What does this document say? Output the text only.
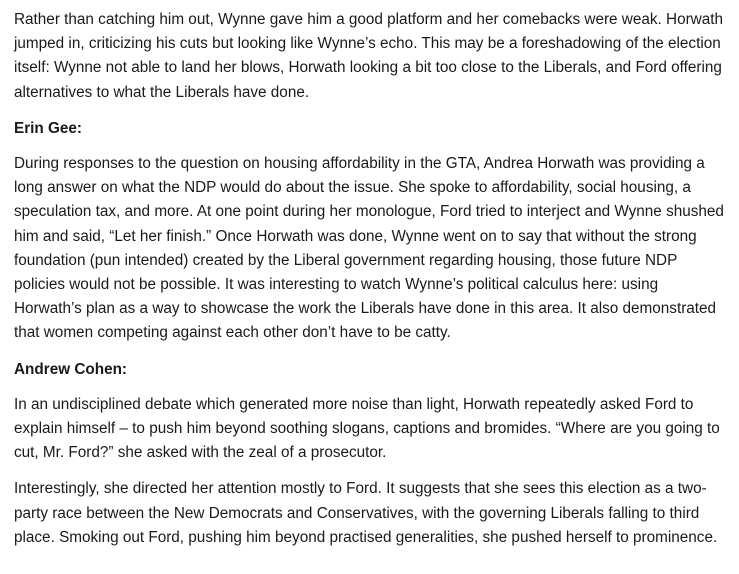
Rather than catching him out, Wynne gave him a good platform and her comebacks were weak. Horwath jumped in, criticizing his cuts but looking like Wynne’s echo. This may be a foreshadowing of the election itself: Wynne not able to land her blows, Horwath looking a bit too close to the Liberals, and Ford offering alternatives to what the Liberals have done.

Erin Gee:

During responses to the question on housing affordability in the GTA, Andrea Horwath was providing a long answer on what the NDP would do about the issue. She spoke to affordability, social housing, a speculation tax, and more. At one point during her monologue, Ford tried to interject and Wynne shushed him and said, “Let her finish.” Once Horwath was done, Wynne went on to say that without the strong foundation (pun intended) created by the Liberal government regarding housing, those future NDP policies would not be possible. It was interesting to watch Wynne’s political calculus here: using Horwath’s plan as a way to showcase the work the Liberals have done in this area. It also demonstrated that women competing against each other don’t have to be catty.

Andrew Cohen:

In an undisciplined debate which generated more noise than light, Horwath repeatedly asked Ford to explain himself – to push him beyond soothing slogans, captions and bromides. “Where are you going to cut, Mr. Ford?” she asked with the zeal of a prosecutor.

Interestingly, she directed her attention mostly to Ford. It suggests that she sees this election as a two-party race between the New Democrats and Conservatives, with the governing Liberals falling to third place. Smoking out Ford, pushing him beyond practised generalities, she pushed herself to prominence.
